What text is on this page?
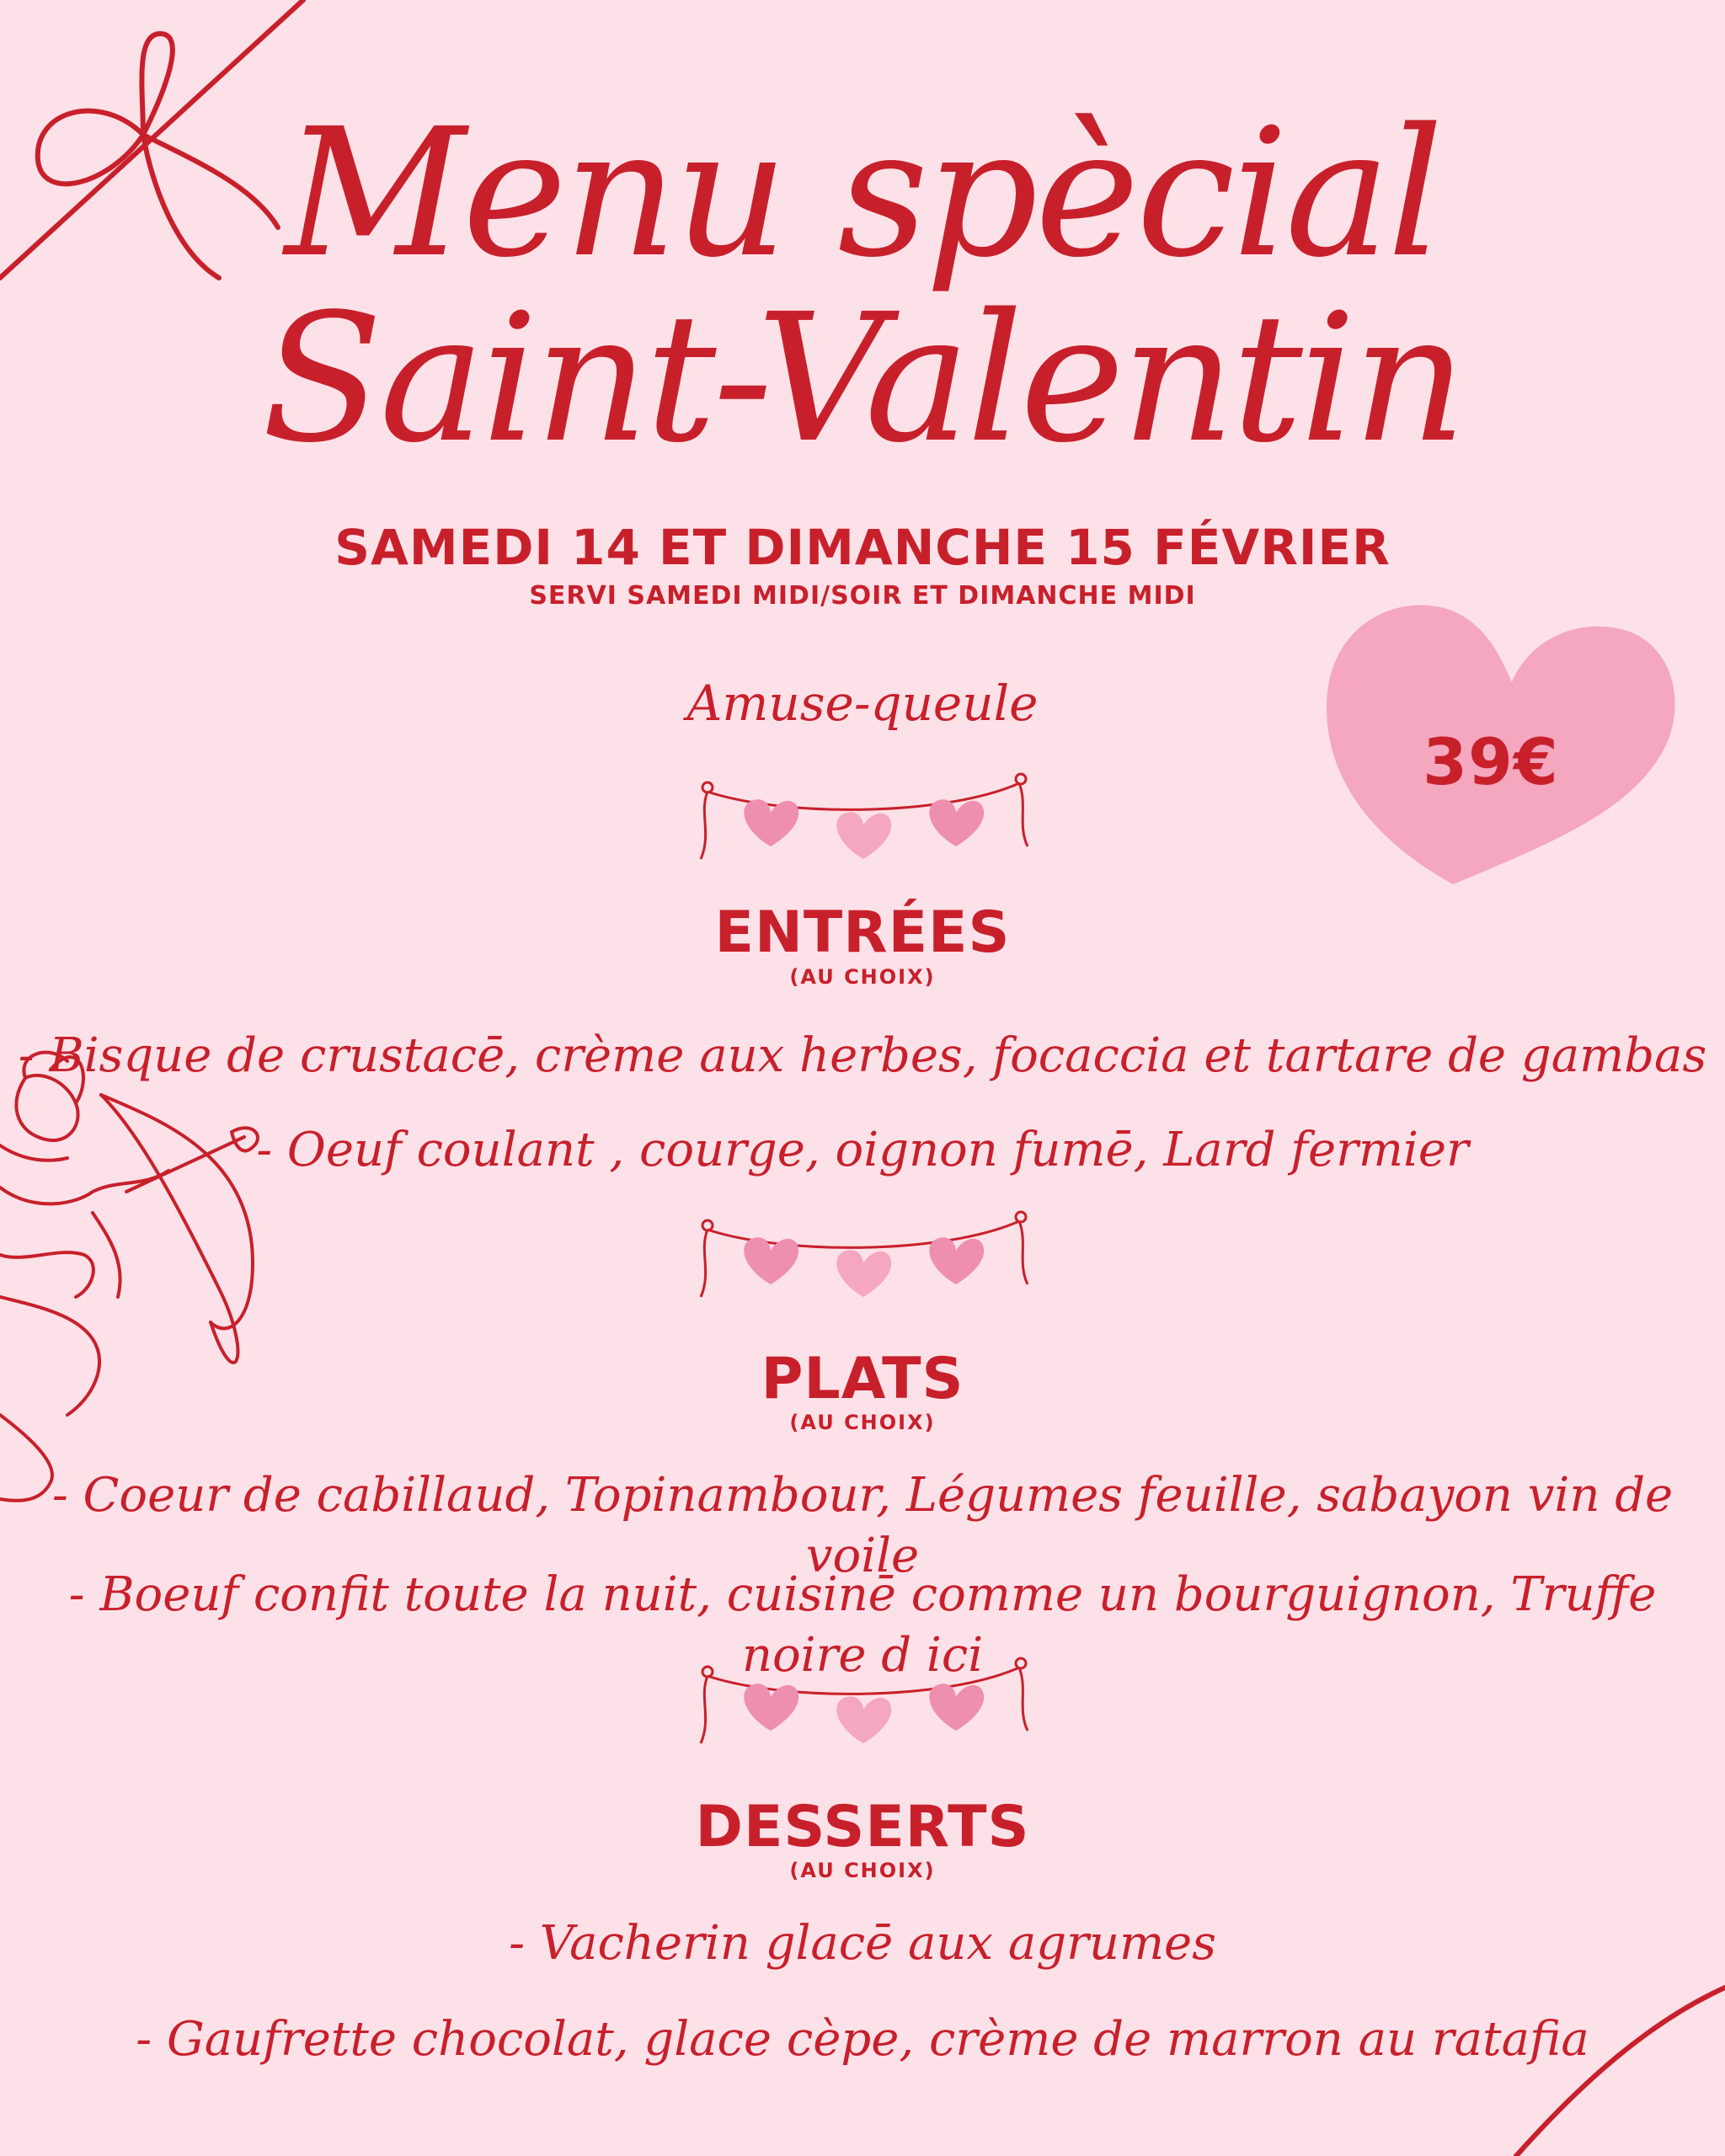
39€
Menu spècial
Saint-Valentin
SAMEDI 14 ET DIMANCHE 15 FÉVRIER
SERVI SAMEDI MIDI/SOIR ET DIMANCHE MIDI
Amuse-queule
ENTRÉES
(AU CHOIX)
- Bisque de crustacē, crème aux herbes, focaccia et tartare de gambas
- Oeuf coulant , courge, oignon fumē, Lard fermier
PLATS
(AU CHOIX)
- Coeur de cabillaud, Topinambour, Légumes feuille, sabayon vin de voile
- Boeuf confit toute la nuit, cuisinē comme un bourguignon, Truffe noire d ici
DESSERTS
(AU CHOIX)
- Vacherin glacē aux agrumes
- Gaufrette chocolat, glace cèpe, crème de marron au ratafia
